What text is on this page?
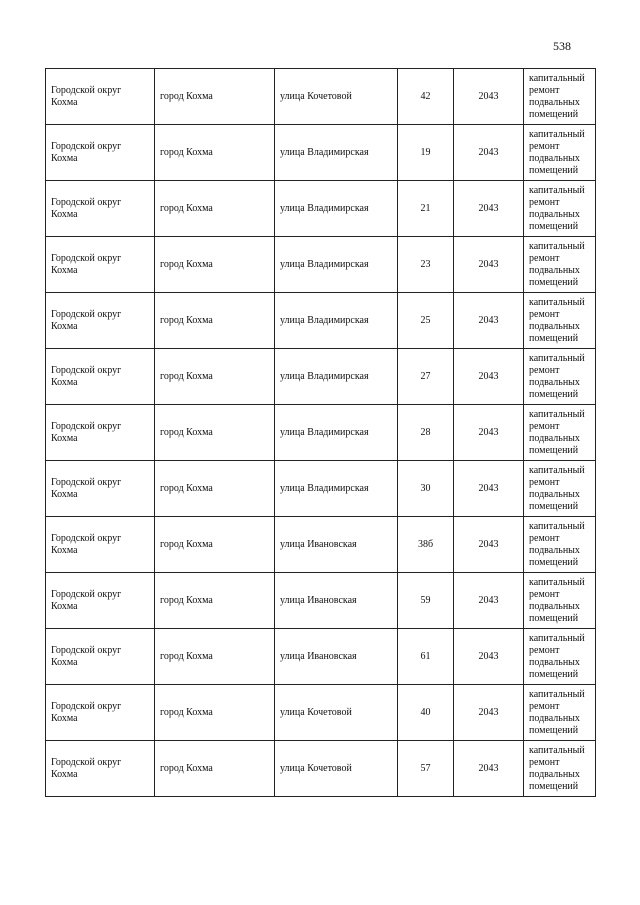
538
Городской округ Кохма	город Кохма	улица Кочетовой	42	2043	капитальный ремонт подвальных помещений
Городской округ Кохма	город Кохма	улица Владимирская	19	2043	капитальный ремонт подвальных помещений
Городской округ Кохма	город Кохма	улица Владимирская	21	2043	капитальный ремонт подвальных помещений
Городской округ Кохма	город Кохма	улица Владимирская	23	2043	капитальный ремонт подвальных помещений
Городской округ Кохма	город Кохма	улица Владимирская	25	2043	капитальный ремонт подвальных помещений
Городской округ Кохма	город Кохма	улица Владимирская	27	2043	капитальный ремонт подвальных помещений
Городской округ Кохма	город Кохма	улица Владимирская	28	2043	капитальный ремонт подвальных помещений
Городской округ Кохма	город Кохма	улица Владимирская	30	2043	капитальный ремонт подвальных помещений
Городской округ Кохма	город Кохма	улица Ивановская	38б	2043	капитальный ремонт подвальных помещений
Городской округ Кохма	город Кохма	улица Ивановская	59	2043	капитальный ремонт подвальных помещений
Городской округ Кохма	город Кохма	улица Ивановская	61	2043	капитальный ремонт подвальных помещений
Городской округ Кохма	город Кохма	улица Кочетовой	40	2043	капитальный ремонт подвальных помещений
Городской округ Кохма	город Кохма	улица Кочетовой	57	2043	капитальный ремонт подвальных помещений
